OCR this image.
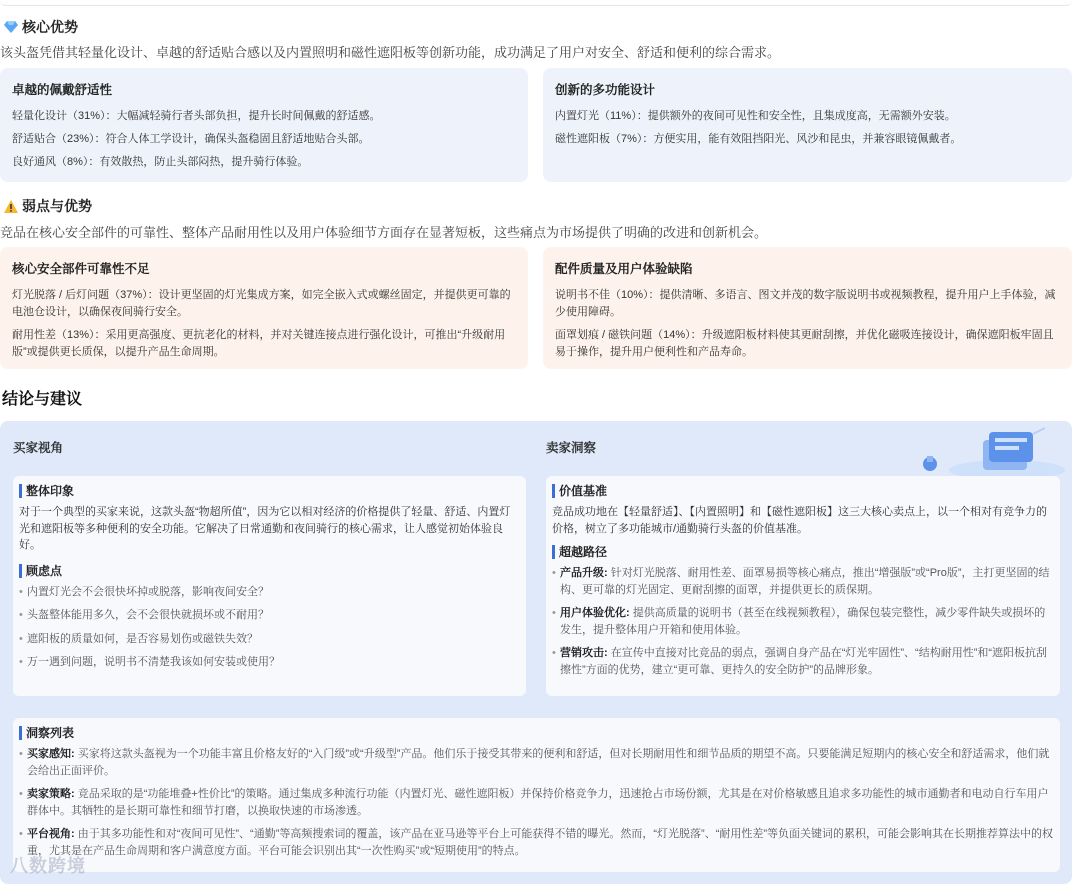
核心优势
该头盔凭借其轻量化设计、卓越的舒适贴合感以及内置照明和磁性遮阳板等创新功能，成功满足了用户对安全、舒适和便利的综合需求。
卓越的佩戴舒适性
轻量化设计（31%）：大幅减轻骑行者头部负担，提升长时间佩戴的舒适感。
舒适贴合（23%）：符合人体工学设计，确保头盔稳固且舒适地贴合头部。
良好通风（8%）：有效散热，防止头部闷热，提升骑行体验。
创新的多功能设计
内置灯光（11%）：提供额外的夜间可见性和安全性，且集成度高，无需额外安装。
磁性遮阳板（7%）：方便实用，能有效阻挡阳光、风沙和昆虫，并兼容眼镜佩戴者。
弱点与优势
竞品在核心安全部件的可靠性、整体产品耐用性以及用户体验细节方面存在显著短板，这些痛点为市场提供了明确的改进和创新机会。
核心安全部件可靠性不足
灯光脱落 / 后灯问题（37%）：设计更坚固的灯光集成方案，如完全嵌入式或螺丝固定，并提供更可靠的电池仓设计，以确保夜间骑行安全。
耐用性差（13%）：采用更高强度、更抗老化的材料，并对关键连接点进行强化设计，可推出“升级耐用版”或提供更长质保，以提升产品生命周期。
配件质量及用户体验缺陷
说明书不佳（10%）：提供清晰、多语言、图文并茂的数字版说明书或视频教程，提升用户上手体验，减少使用障碍。
面罩划痕 / 磁铁问题（14%）：升级遮阳板材料使其更耐刮擦，并优化磁吸连接设计，确保遮阳板牢固且易于操作，提升用户便利性和产品寿命。
结论与建议
买家视角	卖家洞察
整体印象
对于一个典型的买家来说，这款头盔“物超所值”，因为它以相对经济的价格提供了轻量、舒适、内置灯光和遮阳板等多种便利的安全功能。它解决了日常通勤和夜间骑行的核心需求，让人感觉初始体验良好。
顾虑点
• 内置灯光会不会很快坏掉或脱落，影响夜间安全？
• 头盔整体能用多久，会不会很快就损坏或不耐用？
• 遮阳板的质量如何，是否容易划伤或磁铁失效？
• 万一遇到问题，说明书不清楚我该如何安装或使用？
价值基准
竞品成功地在【轻量舒适】、【内置照明】和【磁性遮阳板】这三大核心卖点上，以一个相对有竞争力的价格，树立了多功能城市/通勤骑行头盔的价值基准。
超越路径
• 产品升级: 针对灯光脱落、耐用性差、面罩易损等核心痛点，推出“增强版”或“Pro版”，主打更坚固的结构、更可靠的灯光固定、更耐刮擦的面罩，并提供更长的质保期。
• 用户体验优化: 提供高质量的说明书（甚至在线视频教程），确保包装完整性，减少零件缺失或损坏的发生，提升整体用户开箱和使用体验。
• 营销攻击: 在宣传中直接对比竞品的弱点，强调自身产品在“灯光牢固性”、“结构耐用性”和“遮阳板抗刮擦性”方面的优势，建立“更可靠、更持久的安全防护”的品牌形象。
洞察列表
• 买家感知: 买家将这款头盔视为一个功能丰富且价格友好的“入门级”或“升级型”产品。他们乐于接受其带来的便利和舒适，但对长期耐用性和细节品质的期望不高。只要能满足短期内的核心安全和舒适需求，他们就会给出正面评价。
• 卖家策略: 竞品采取的是“功能堆叠+性价比”的策略。通过集成多种流行功能（内置灯光、磁性遮阳板）并保持价格竞争力，迅速抢占市场份额，尤其是在对价格敏感且追求多功能性的城市通勤者和电动自行车用户群体中。其牺牲的是长期可靠性和细节打磨，以换取快速的市场渗透。
• 平台视角: 由于其多功能性和对“夜间可见性”、“通勤”等高频搜索词的覆盖，该产品在亚马逊等平台上可能获得不错的曝光。然而，“灯光脱落”、“耐用性差”等负面关键词的累积，可能会影响其在长期推荐算法中的权重，尤其是在产品生命周期和客户满意度方面。平台可能会识别出其“一次性购买”或“短期使用”的特点。
八数跨境
